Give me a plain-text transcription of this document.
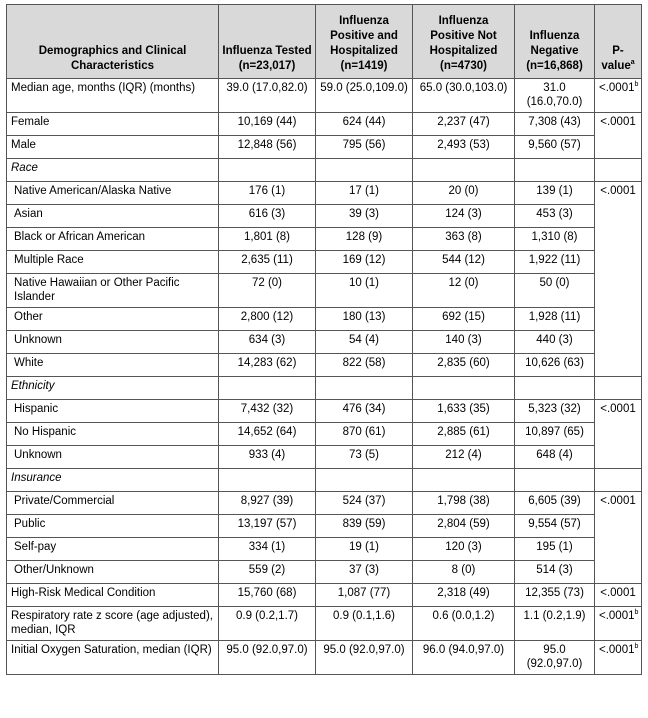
Demographics and Clinical Characteristics	Influenza Tested (n=23,017)	Influenza Positive and Hospitalized (n=1419)	Influenza Positive Not Hospitalized (n=4730)	Influenza Negative (n=16,868)	P-value$^a$
Median age, months (IQR) (months)	39.0 (17.0,82.0)	59.0 (25.0,109.0)	65.0 (30.0,103.0)	31.0 (16.0,70.0)	<.0001$^b$
Female	10,169 (44)	624 (44)	2,237 (47)	7,308 (43)	<.0001
Male	12,848 (56)	795 (56)	2,493 (53)	9,560 (57)	
Race					
Native American/Alaska Native	176 (1)	17 (1)	20 (0)	139 (1)	<.0001
Asian	616 (3)	39 (3)	124 (3)	453 (3)	
Black or African American	1,801 (8)	128 (9)	363 (8)	1,310 (8)	
Multiple Race	2,635 (11)	169 (12)	544 (12)	1,922 (11)	
Native Hawaiian or Other Pacific Islander	72 (0)	10 (1)	12 (0)	50 (0)	
Other	2,800 (12)	180 (13)	692 (15)	1,928 (11)	
Unknown	634 (3)	54 (4)	140 (3)	440 (3)	
White	14,283 (62)	822 (58)	2,835 (60)	10,626 (63)	
Ethnicity					
Hispanic	7,432 (32)	476 (34)	1,633 (35)	5,323 (32)	<.0001
No Hispanic	14,652 (64)	870 (61)	2,885 (61)	10,897 (65)	
Unknown	933 (4)	73 (5)	212 (4)	648 (4)	
Insurance					
Private/Commercial	8,927 (39)	524 (37)	1,798 (38)	6,605 (39)	<.0001
Public	13,197 (57)	839 (59)	2,804 (59)	9,554 (57)	
Self-pay	334 (1)	19 (1)	120 (3)	195 (1)	
Other/Unknown	559 (2)	37 (3)	8 (0)	514 (3)	
High-Risk Medical Condition	15,760 (68)	1,087 (77)	2,318 (49)	12,355 (73)	<.0001
Respiratory rate z score (age adjusted), median, IQR	0.9 (0.2,1.7)	0.9 (0.1,1.6)	0.6 (0.0,1.2)	1.1 (0.2,1.9)	<.0001$^b$
Initial Oxygen Saturation, median (IQR)	95.0 (92.0,97.0)	95.0 (92.0,97.0)	96.0 (94.0,97.0)	95.0 (92.0,97.0)	<.0001$^b$
